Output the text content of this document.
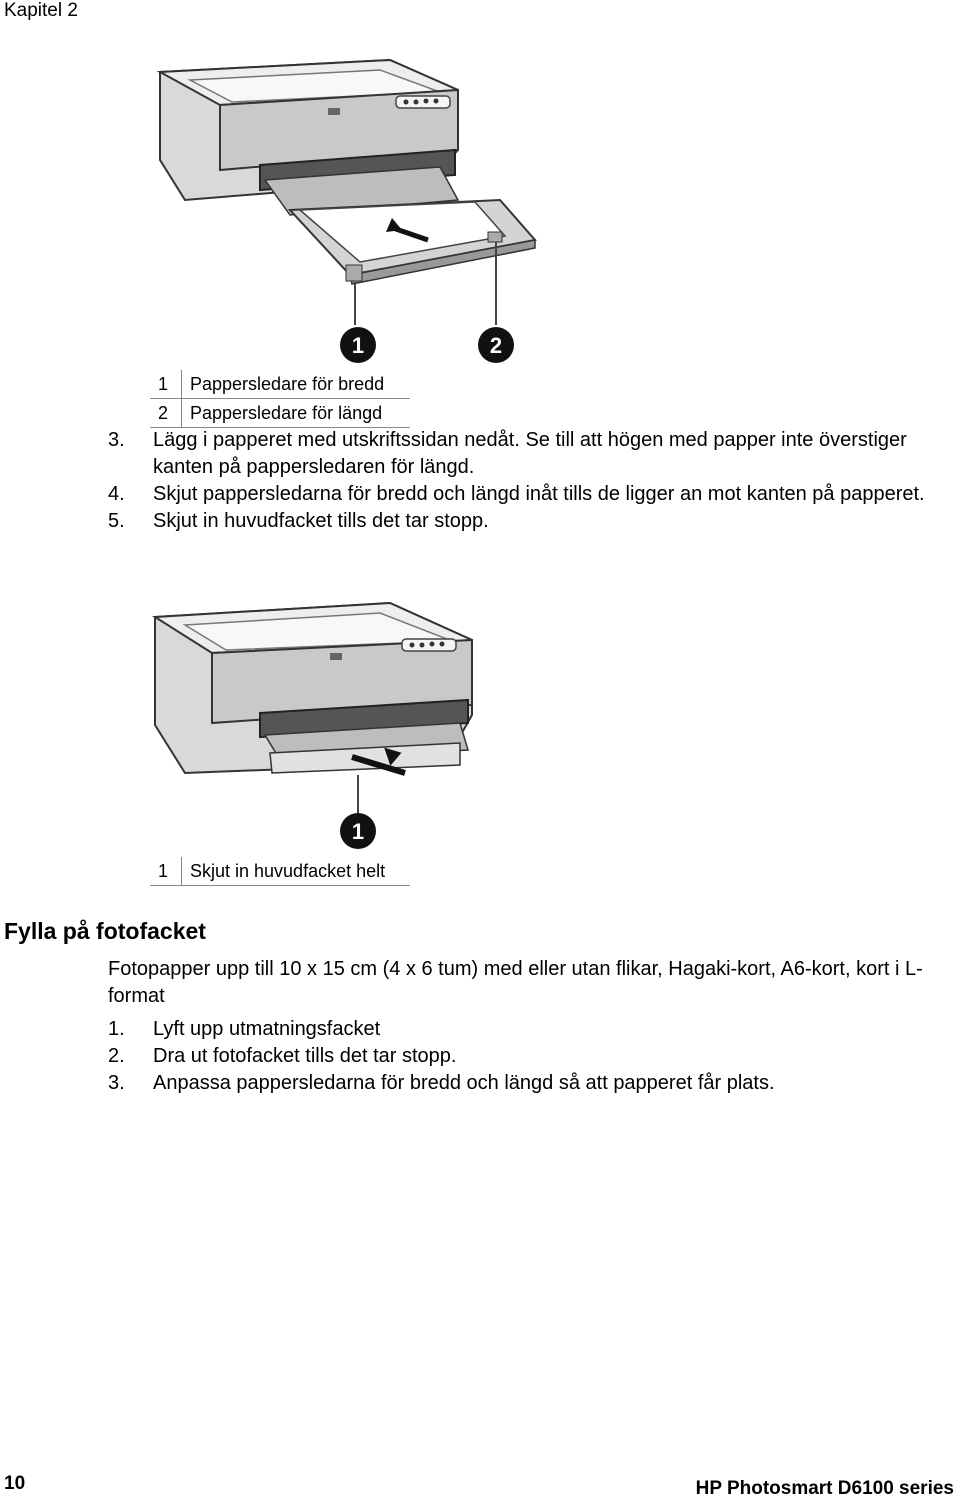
Kapitel 2
1	2
1	Pappersledare för bredd
2	Pappersledare för längd
3. Lägg i papperet med utskriftssidan nedåt. Se till att högen med papper inte överstiger kanten på pappersledaren för längd.
4. Skjut pappersledarna för bredd och längd inåt tills de ligger an mot kanten på papperet.
5. Skjut in huvudfacket tills det tar stopp.
1
1	Skjut in huvudfacket helt
Fylla på fotofacket
Fotopapper upp till 10 x 15 cm (4 x 6 tum) med eller utan flikar, Hagaki-kort, A6-kort, kort i L-format
1. Lyft upp utmatningsfacket
2. Dra ut fotofacket tills det tar stopp.
3. Anpassa pappersledarna för bredd och längd så att papperet får plats.
10	HP Photosmart D6100 series
